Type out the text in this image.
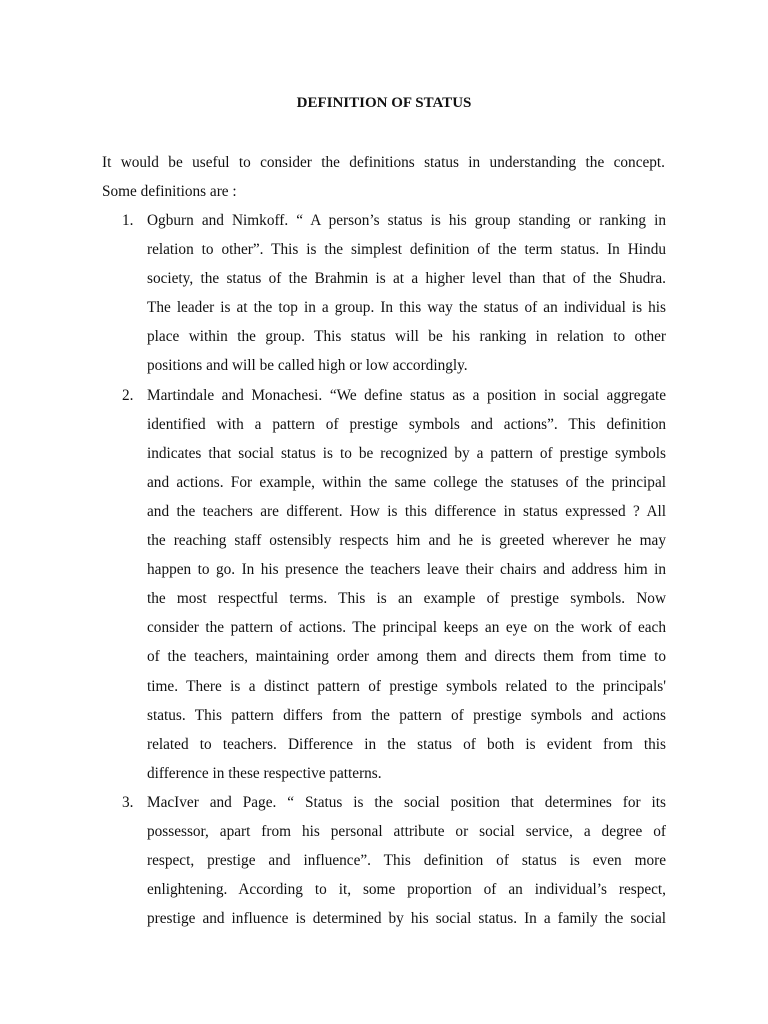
DEFINITION OF STATUS
It would be useful to consider the definitions status in understanding the concept.
Some definitions are :
1. Ogburn and Nimkoff. “ A person’s status is his group standing or ranking in
relation to other”. This is the simplest definition of the term status. In Hindu
society, the status of the Brahmin is at a higher level than that of the Shudra.
The leader is at the top in a group. In this way the status of an individual is his
place within the group. This status will be his ranking in relation to other
positions and will be called high or low accordingly.
2. Martindale and Monachesi. “We define status as a position in social aggregate
identified with a pattern of prestige symbols and actions”. This definition
indicates that social status is to be recognized by a pattern of prestige symbols
and actions. For example, within the same college the statuses of the principal
and the teachers are different. How is this difference in status expressed ? All
the reaching staff ostensibly respects him and he is greeted wherever he may
happen to go. In his presence the teachers leave their chairs and address him in
the most respectful terms. This is an example of prestige symbols. Now
consider the pattern of actions. The principal keeps an eye on the work of each
of the teachers, maintaining order among them and directs them from time to
time. There is a distinct pattern of prestige symbols related to the principals'
status. This pattern differs from the pattern of prestige symbols and actions
related to teachers. Difference in the status of both is evident from this
difference in these respective patterns.
3. MacIver and Page. “ Status is the social position that determines for its
possessor, apart from his personal attribute or social service, a degree of
respect, prestige and influence”. This definition of status is even more
enlightening. According to it, some proportion of an individual’s respect,
prestige and influence is determined by his social status. In a family the social
